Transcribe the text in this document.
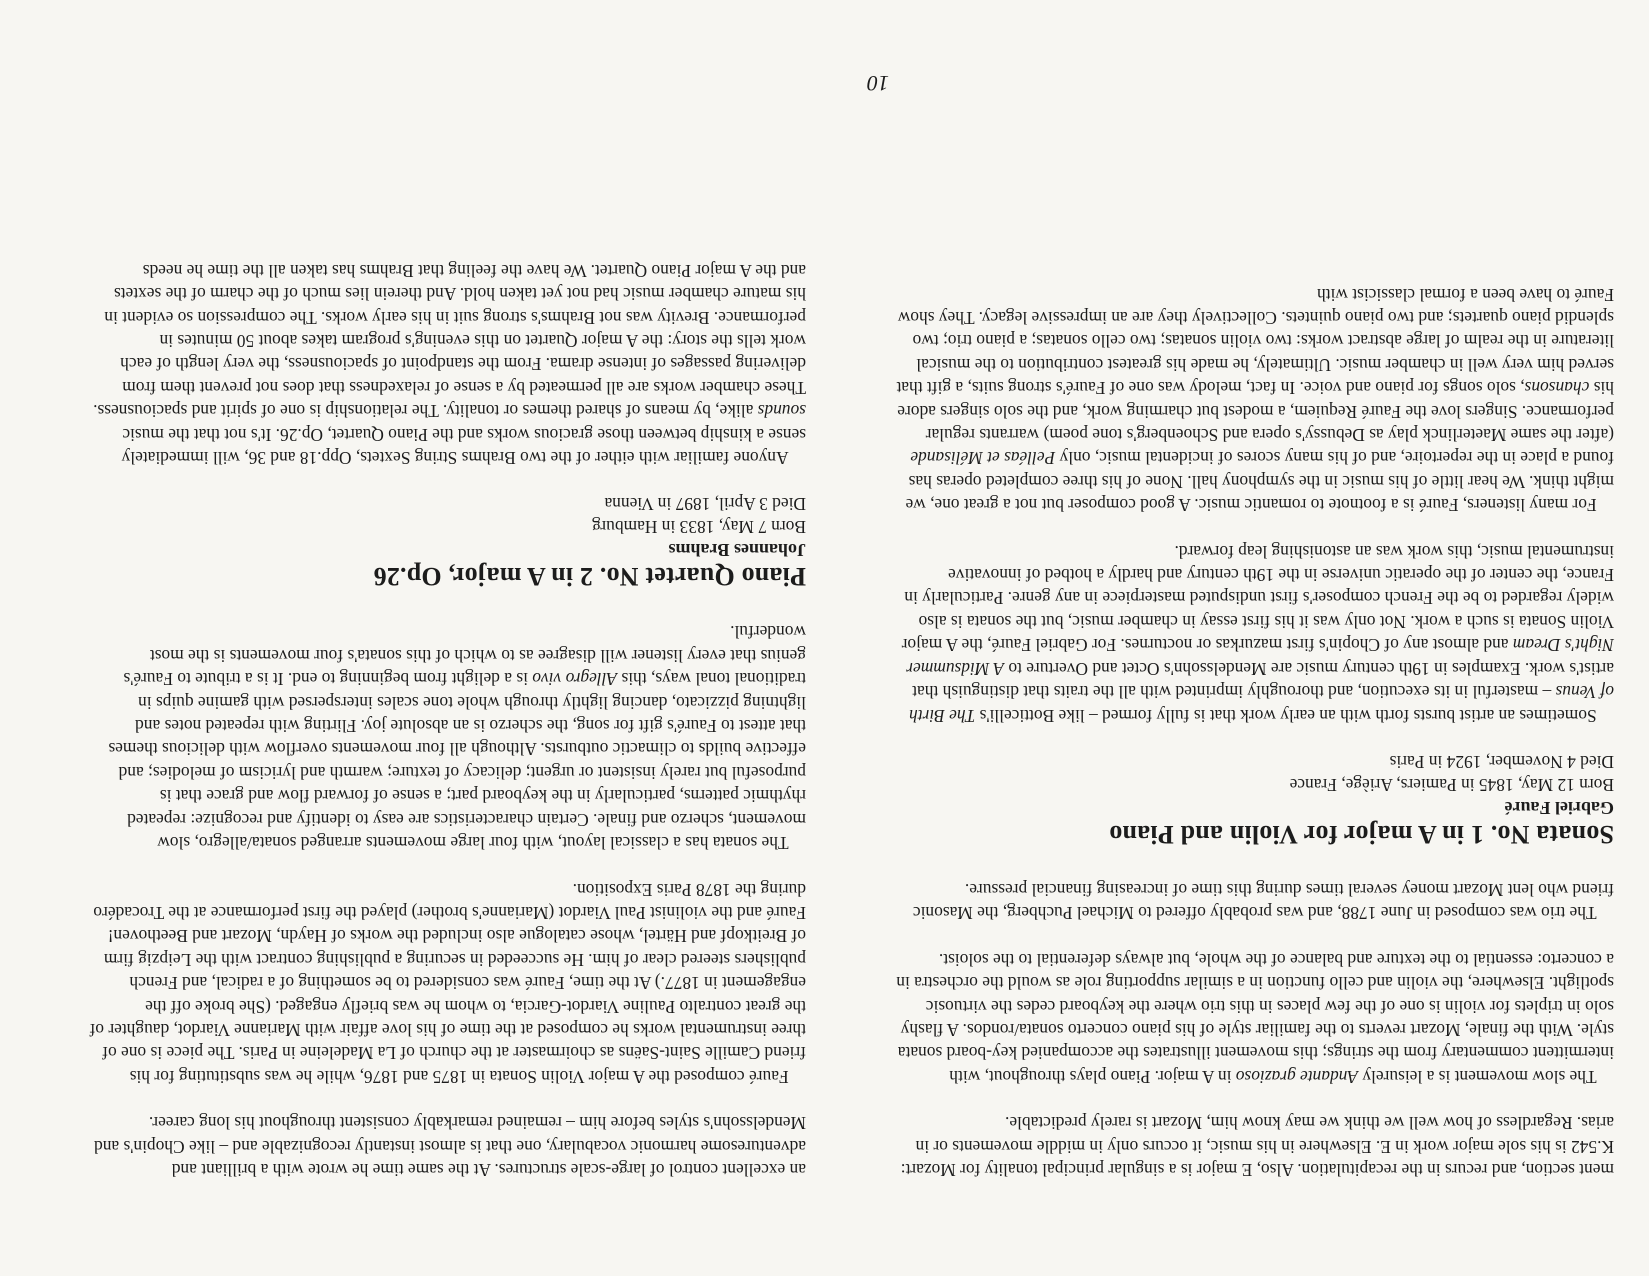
ment section, and recurs in the recapitulation. Also, E major is a singular principal tonality for Mozart: K.542 is his sole major work in E. Elsewhere in his music, it occurs only in middle movements or in arias. Regardless of how well we think we may know him, Mozart is rarely predictable.

 The slow movement is a leisurely Andante grazioso in A major. Piano plays throughout, with intermittent commentary from the strings; this movement illustrates the accompanied key-board sonata style. With the finale, Mozart reverts to the familiar style of his piano concerto sonata/rondos. A flashy solo in triplets for violin is one of the few places in this trio where the keyboard cedes the virtuosic spotlight. Elsewhere, the violin and cello function in a similar supporting role as would the orchestra in a concerto: essential to the texture and balance of the whole, but always deferential to the soloist.

 The trio was composed in June 1788, and was probably offered to Michael Puchberg, the Masonic friend who lent Mozart money several times during this time of increasing financial pressure.

Sonata No. 1 in A major for Violin and Piano

Gabriel Fauré

Born 12 May, 1845 in Pamiers, Ariège, France

Died 4 November, 1924 in Paris

 Sometimes an artist bursts forth with an early work that is fully formed – like Botticelli's The Birth of Venus – masterful in its execution, and thoroughly imprinted with all the traits that distinguish that artist's work. Examples in 19th century music are Mendelssohn's Octet and Overture to A Midsummer Night's Dream and almost any of Chopin's first mazurkas or nocturnes. For Gabriel Fauré, the A major Violin Sonata is such a work. Not only was it his first essay in chamber music, but the sonata is also widely regarded to be the French composer's first undisputed masterpiece in any genre. Particularly in France, the center of the operatic universe in the 19th century and hardly a hotbed of innovative instrumental music, this work was an astonishing leap forward.

 For many listeners, Fauré is a footnote to romantic music. A good composer but not a great one, we might think. We hear little of his music in the symphony hall. None of his three completed operas has found a place in the repertoire, and of his many scores of incidental music, only Pelléas et Mélisande (after the same Maeterlinck play as Debussy's opera and Schoenberg's tone poem) warrants regular performance. Singers love the Fauré Requiem, a modest but charming work, and the solo singers adore his chansons, solo songs for piano and voice. In fact, melody was one of Fauré's strong suits, a gift that served him very well in chamber music. Ultimately, he made his greatest contribution to the musical literature in the realm of large abstract works: two violin sonatas; two cello sonatas; a piano trio; two splendid piano quartets; and two piano quintets. Collectively they are an impressive legacy. They show Fauré to have been a formal classicist with

10

an excellent control of large-scale structures. At the same time he wrote with a brilliant and adventuresome harmonic vocabulary, one that is almost instantly recognizable and – like Chopin's and Mendelssohn's styles before him – remained remarkably consistent throughout his long career.

 Fauré composed the A major Violin Sonata in 1875 and 1876, while he was substituting for his friend Camille Saint-Saëns as choirmaster at the church of La Madeleine in Paris. The piece is one of three instrumental works he composed at the time of his love affair with Marianne Viardot, daughter of the great contralto Pauline Viardot-Garcia, to whom he was briefly engaged. (She broke off the engagement in 1877.) At the time, Fauré was considered to be something of a radical, and French publishers steered clear of him. He succeeded in securing a publishing contract with the Leipzig firm of Breitkopf and Härtel, whose catalogue also included the works of Haydn, Mozart and Beethoven! Fauré and the violinist Paul Viardot (Marianne's brother) played the first performance at the Trocadéro during the 1878 Paris Exposition.

 The sonata has a classical layout, with four large movements arranged sonata/allegro, slow movement, scherzo and finale. Certain characteristics are easy to identify and recognize: repeated rhythmic patterns, particularly in the keyboard part; a sense of forward flow and grace that is purposeful but rarely insistent or urgent; delicacy of texture; warmth and lyricism of melodies; and effective builds to climactic outbursts. Although all four movements overflow with delicious themes that attest to Fauré's gift for song, the scherzo is an absolute joy. Flirting with repeated notes and lightning pizzicato, dancing lightly through whole tone scales interspersed with gamine quips in traditional tonal ways, this Allegro vivo is a delight from beginning to end. It is a tribute to Fauré's genius that every listener will disagree as to which of this sonata's four movements is the most wonderful.

Piano Quartet No. 2 in A major, Op.26

Johannes Brahms

Born 7 May, 1833 in Hamburg

Died 3 April, 1897 in Vienna

 Anyone familiar with either of the two Brahms String Sextets, Opp.18 and 36, will immediately sense a kinship between those gracious works and the Piano Quartet, Op.26. It's not that the music sounds alike, by means of shared themes or tonality. The relationship is one of spirit and spaciousness. These chamber works are all permeated by a sense of relaxedness that does not prevent them from delivering passages of intense drama. From the standpoint of spaciousness, the very length of each work tells the story: the A major Quartet on this evening's program takes about 50 minutes in performance. Brevity was not Brahms's strong suit in his early works. The compression so evident in his mature chamber music had not yet taken hold. And therein lies much of the charm of the sextets and the A major Piano Quartet. We have the feeling that Brahms has taken all the time he needs
